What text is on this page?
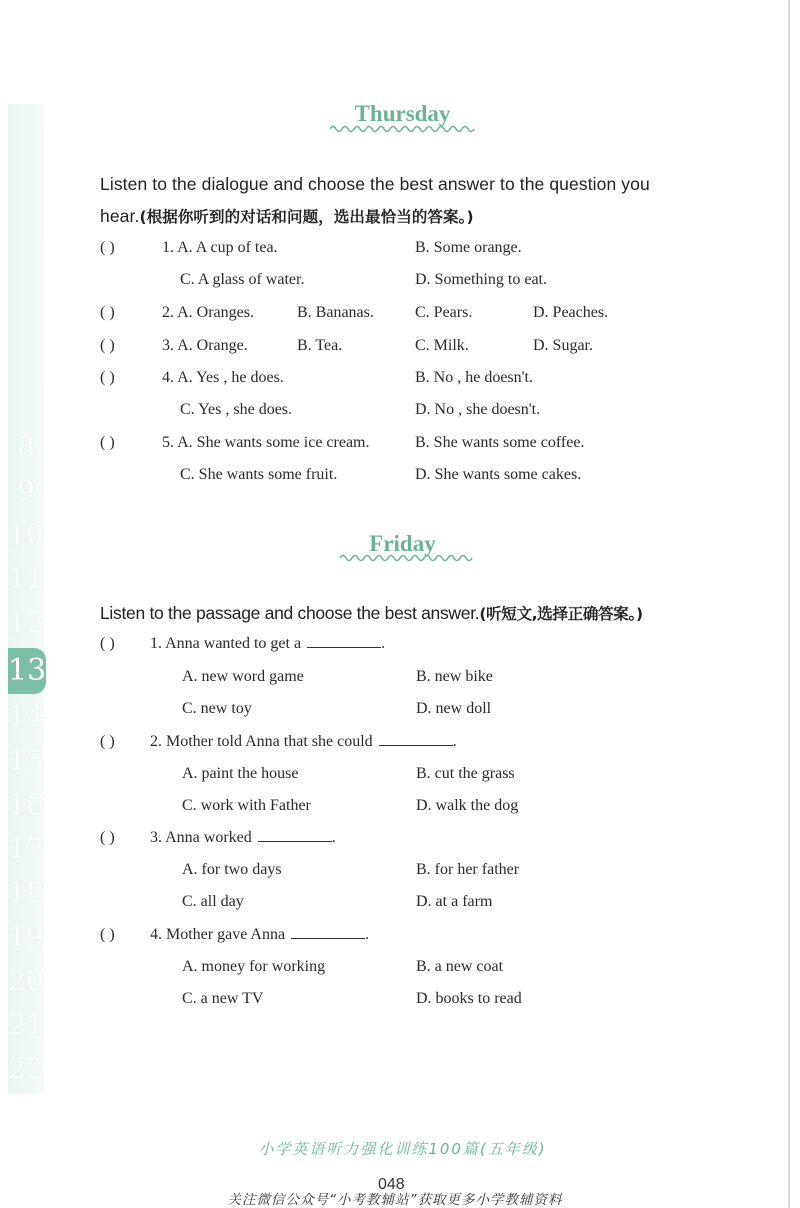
8
9
10
11
12
13
14
15
16
17
18
19
20
21
22
Thursday
Listen to the dialogue and choose the best answer to the question you
hear.(根据你听到的对话和问题，选出最恰当的答案。)
( )	1. A. A cup of tea.	B. Some orange.
C. A glass of water.	D. Something to eat.
( )	2. A. Oranges.	B. Bananas.	C. Pears.	D. Peaches.
( )	3. A. Orange.	B. Tea.	C. Milk.	D. Sugar.
( )	4. A. Yes , he does.	B. No , he doesn't.
C. Yes , she does.	D. No , she doesn't.
( )	5. A. She wants some ice cream.	B. She wants some coffee.
C. She wants some fruit.	D. She wants some cakes.
Friday
Listen to the passage and choose the best answer.(听短文,选择正确答案。)
( ) 1. Anna wanted to get a	.
A. new word game	B. new bike
C. new toy	D. new doll
( ) 2. Mother told Anna that she could	.
A. paint the house	B. cut the grass
C. work with Father	D. walk the dog
( ) 3. Anna worked	.
A. for two days	B. for her father
C. all day	D. at a farm
( ) 4. Mother gave Anna	.
A. money for working	B. a new coat
C. a new TV	D. books to read
小学英语听力强化训练100篇(五年级)
048
关注微信公众号“小考教辅站”获取更多小学教辅资料
